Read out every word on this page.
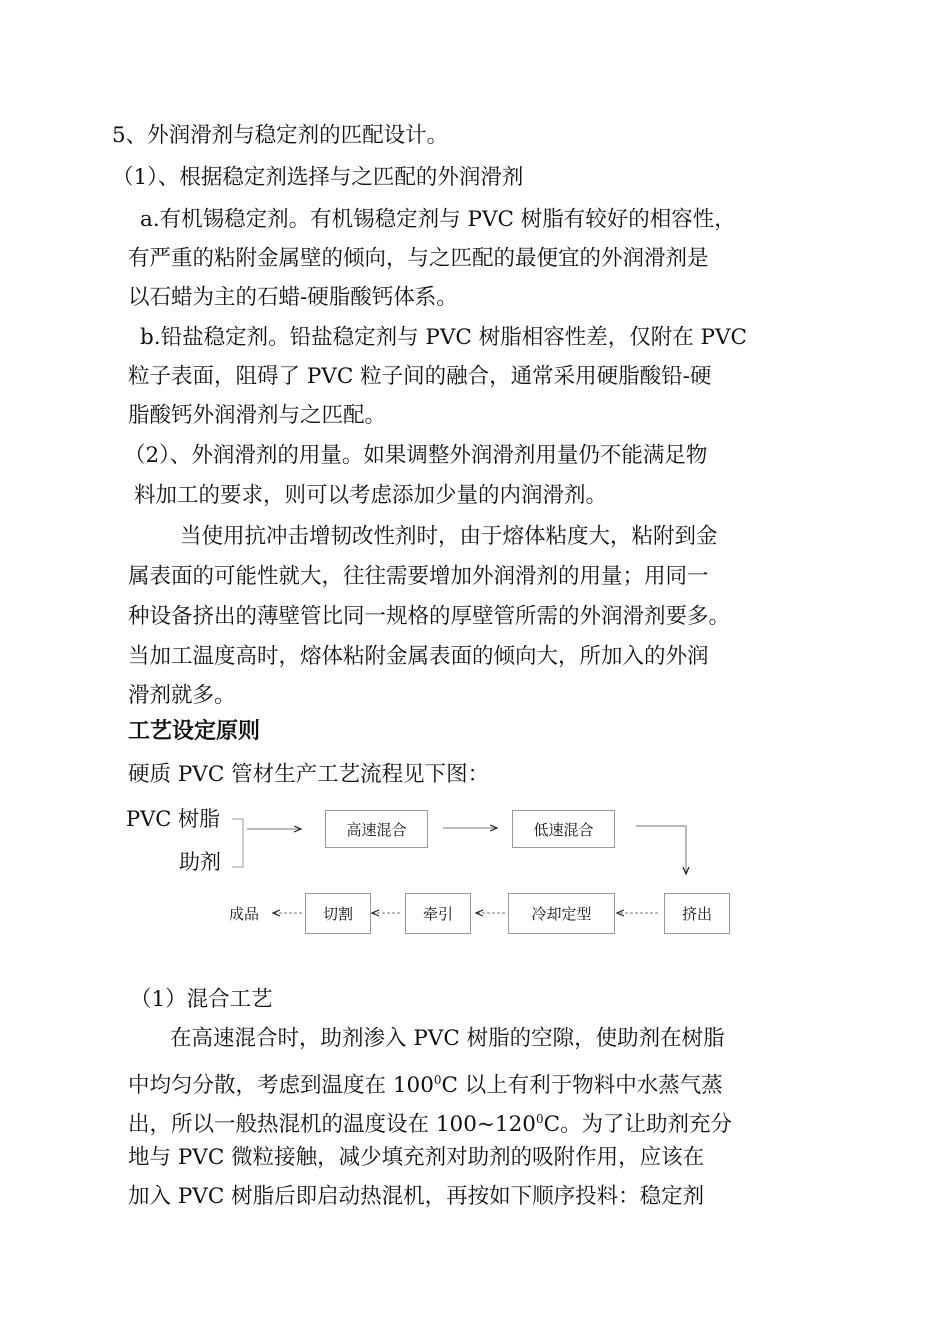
5、外润滑剂与稳定剂的匹配设计。
（1）、根据稳定剂选择与之匹配的外润滑剂
a.有机锡稳定剂。有机锡稳定剂与 PVC 树脂有较好的相容性，
有严重的粘附金属壁的倾向，与之匹配的最便宜的外润滑剂是
以石蜡为主的石蜡-硬脂酸钙体系。
b.铅盐稳定剂。铅盐稳定剂与 PVC 树脂相容性差，仅附在 PVC
粒子表面，阻碍了 PVC 粒子间的融合，通常采用硬脂酸铅-硬
脂酸钙外润滑剂与之匹配。
（2）、外润滑剂的用量。如果调整外润滑剂用量仍不能满足物
料加工的要求，则可以考虑添加少量的内润滑剂。
当使用抗冲击增韧改性剂时，由于熔体粘度大，粘附到金
属表面的可能性就大，往往需要增加外润滑剂的用量；用同一
种设备挤出的薄壁管比同一规格的厚壁管所需的外润滑剂要多。
当加工温度高时，熔体粘附金属表面的倾向大，所加入的外润
滑剂就多。
工艺设定原则
硬质 PVC 管材生产工艺流程见下图：
PVC 树脂
助剂
高速混合	低速混合
挤出
冷却定型
牵引
切割
成品
（1）混合工艺
在高速混合时，助剂渗入 PVC 树脂的空隙，使助剂在树脂
中均匀分散，考虑到温度在 $100^0C$ 以上有利于物料中水蒸气蒸
出，所以一般热混机的温度设在 $100\sim 120^0C$。为了让助剂充分
地与 PVC 微粒接触，减少填充剂对助剂的吸附作用，应该在
加入 PVC 树脂后即启动热混机，再按如下顺序投料：稳定剂
